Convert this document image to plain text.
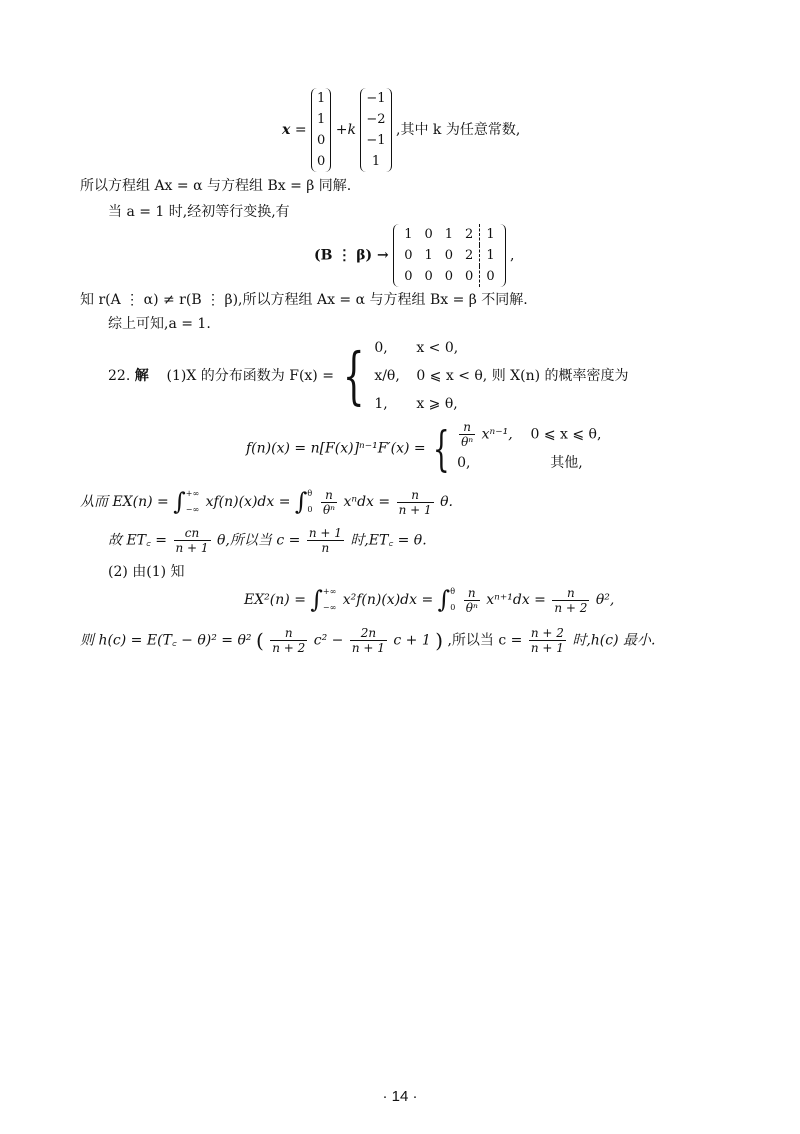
x = 1
1
0
0 +k −1
−2
−1
1 ,其中 k 为任意常数,
所以方程组 Ax = α 与方程组 Bx = β 同解.
当 a = 1 时,经初等行变换,有
(B ⋮ β) →
1	0	1	2	1
0	1	0	2	1
0	0	0	0	0
,
知 r(A ⋮ α) ≠ r(B ⋮ β),所以方程组 Ax = α 与方程组 Bx = β 不同解.
综上可知,a = 1.
22. 解 (1)X 的分布函数为 F(x) = { 0, x < 0,
x/θ, 0 ⩽ x < θ,
1, x ⩾ θ,
则 X(n) 的概率密度为
f(n)(x) = n[F(x)]ⁿ⁻¹F′(x) = { $\frac{n}{\text{θⁿ}} x^{n-1}$, 0 ⩽ x ⩽ θ,
0,	其他,
从而 EX(n) = ∫+∞
−∞ xf(n)(x)dx = ∫θ
$0 \frac{n}{\text{θⁿ}}$ $x^ndx = \frac{n}{n + 1} \theta$.
故 ET꜀ = $\frac{cn}{n + 1} \theta$,所以当 $c = \frac{n + 1}{n}$ 时,ET꜀ = θ.
(2) 由(1) 知
EX²(n) = ∫+∞
−∞ x²f(n)(x)dx = ∫θ
$0 \frac{n}{\text{θⁿ}} x^{n+1}dx = \frac{n}{n + 2} \theta^2$,
则 h(c) = E(T꜀ − θ)² = θ² ( $\frac{n}{n + 2} c^2 - \frac{2n}{n + 1}$ c + 1 ) ,所以当 $c = \frac{n + 2}{n + 1}$ 时,h(c) 最小.
· 14 ·
